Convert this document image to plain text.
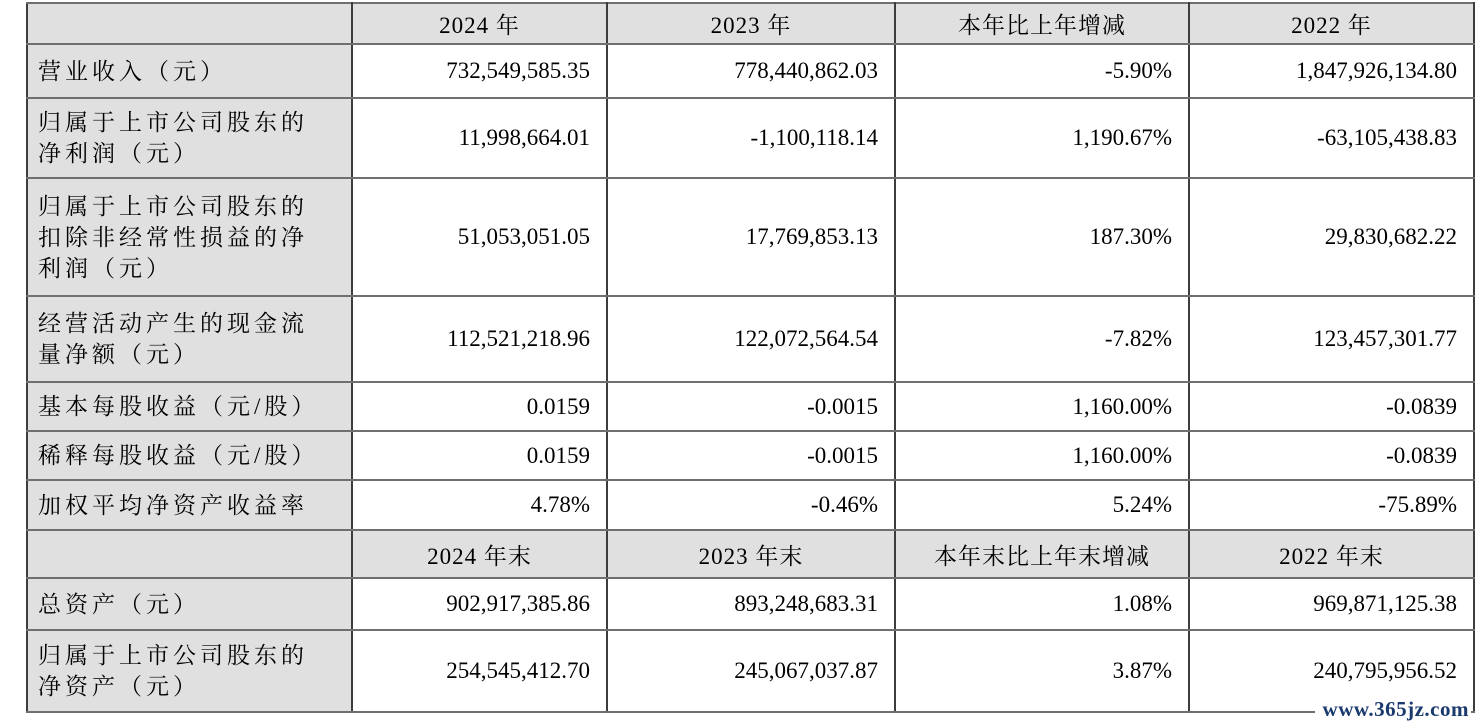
	2024 年	2023 年	本年比上年增减	2022 年
营业收入（元）	732,549,585.35	778,440,862.03	-5.90%	1,847,926,134.80
归属于上市公司股东的净利润（元）	11,998,664.01	-1,100,118.14	1,190.67%	-63,105,438.83
归属于上市公司股东的扣除非经常性损益的净利润（元）	51,053,051.05	17,769,853.13	187.30%	29,830,682.22
经营活动产生的现金流量净额（元）	112,521,218.96	122,072,564.54	-7.82%	123,457,301.77
基本每股收益（元/股）	0.0159	-0.0015	1,160.00%	-0.0839
稀释每股收益（元/股）	0.0159	-0.0015	1,160.00%	-0.0839
加权平均净资产收益率	4.78%	-0.46%	5.24%	-75.89%
	2024 年末	2023 年末	本年末比上年末增减	2022 年末
总资产（元）	902,917,385.86	893,248,683.31	1.08%	969,871,125.38
归属于上市公司股东的净资产（元）	254,545,412.70	245,067,037.87	3.87%	240,795,956.52
www.365jz.com
